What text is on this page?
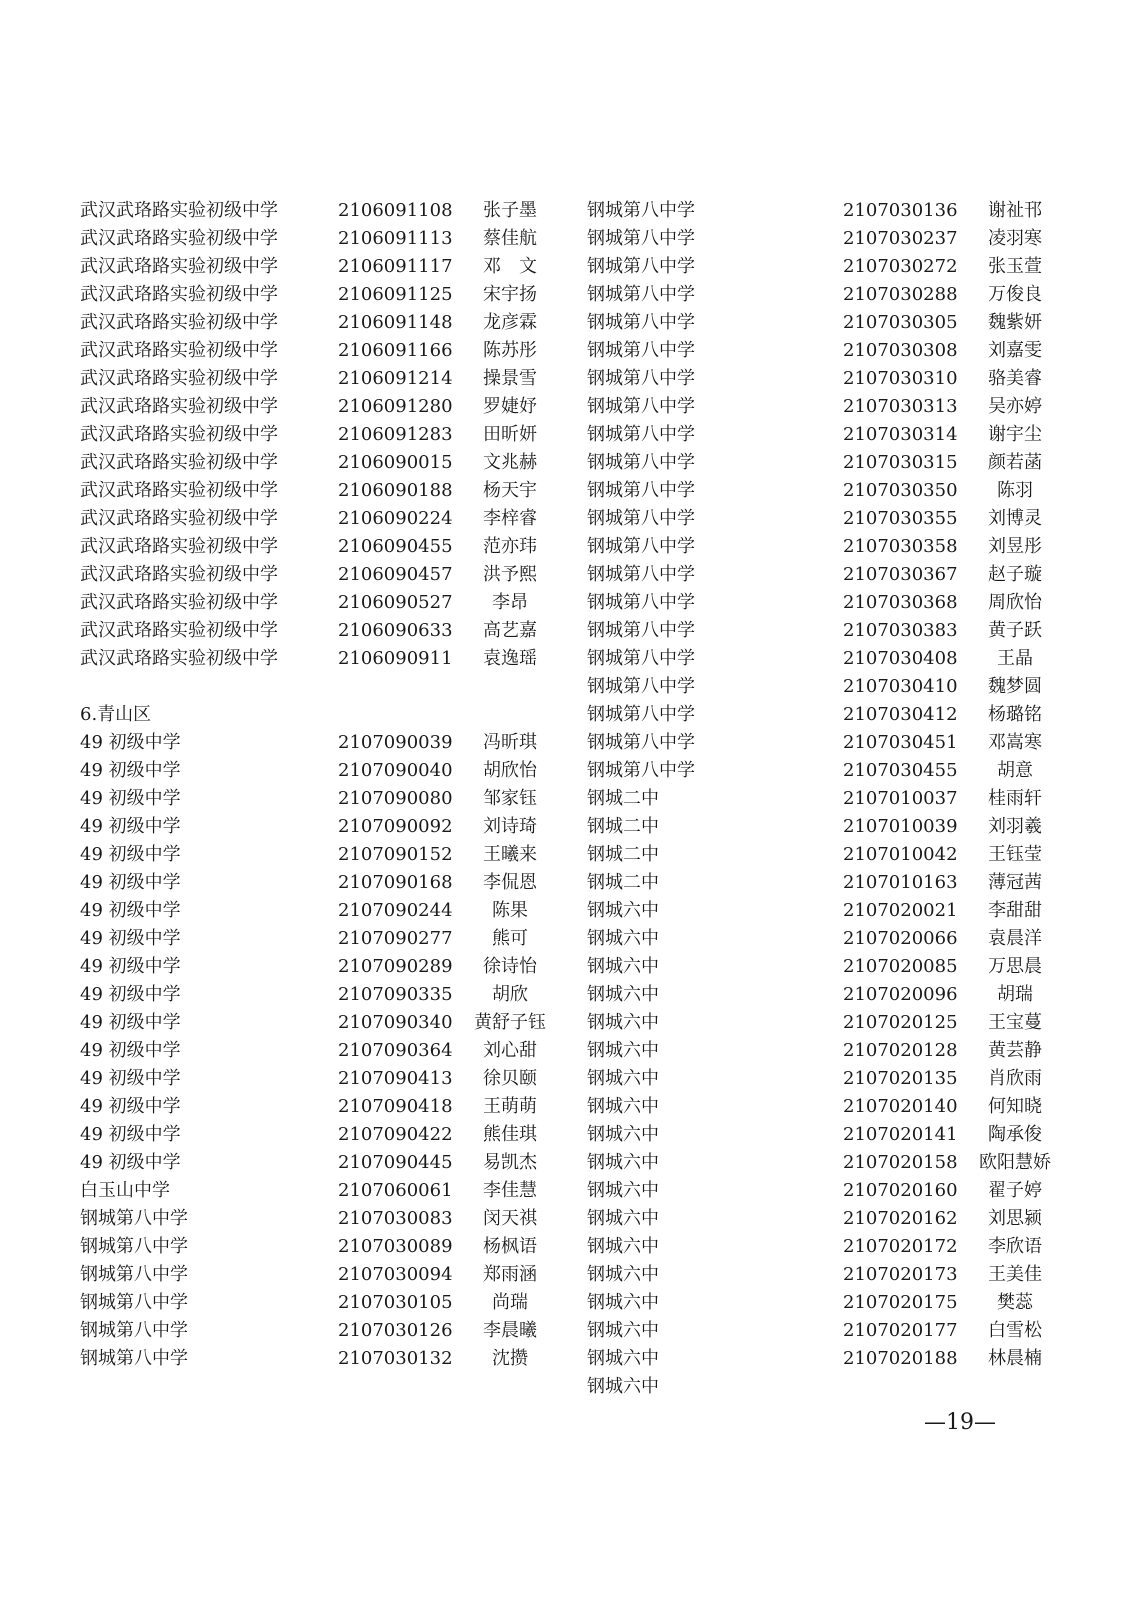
武汉武珞路实验初级中学
武汉武珞路实验初级中学
武汉武珞路实验初级中学
武汉武珞路实验初级中学
武汉武珞路实验初级中学
武汉武珞路实验初级中学
武汉武珞路实验初级中学
武汉武珞路实验初级中学
武汉武珞路实验初级中学
武汉武珞路实验初级中学
武汉武珞路实验初级中学
武汉武珞路实验初级中学
武汉武珞路实验初级中学
武汉武珞路实验初级中学
武汉武珞路实验初级中学
武汉武珞路实验初级中学
武汉武珞路实验初级中学
6.青山区
49 初级中学
49 初级中学
49 初级中学
49 初级中学
49 初级中学
49 初级中学
49 初级中学
49 初级中学
49 初级中学
49 初级中学
49 初级中学
49 初级中学
49 初级中学
49 初级中学
49 初级中学
49 初级中学
白玉山中学
钢城第八中学
钢城第八中学
钢城第八中学
钢城第八中学
钢城第八中学
钢城第八中学
2106091108
2106091113
2106091117
2106091125
2106091148
2106091166
2106091214
2106091280
2106091283
2106090015
2106090188
2106090224
2106090455
2106090457
2106090527
2106090633
2106090911
2107090039
2107090040
2107090080
2107090092
2107090152
2107090168
2107090244
2107090277
2107090289
2107090335
2107090340
2107090364
2107090413
2107090418
2107090422
2107090445
2107060061
2107030083
2107030089
2107030094
2107030105
2107030126
2107030132
张子墨
蔡佳航
邓　文
宋宇扬
龙彦霖
陈苏彤
操景雪
罗婕妤
田昕妍
文兆赫
杨天宇
李梓睿
范亦玮
洪予熙
李昂
高艺嘉
袁逸瑶
冯昕琪
胡欣怡
邹家钰
刘诗琦
王曦来
李侃恩
陈果
熊可
徐诗怡
胡欣
黄舒子钰
刘心甜
徐贝颐
王萌萌
熊佳琪
易凯杰
李佳慧
闵天祺
杨枫语
郑雨涵
尚瑞
李晨曦
沈攒
钢城第八中学
钢城第八中学
钢城第八中学
钢城第八中学
钢城第八中学
钢城第八中学
钢城第八中学
钢城第八中学
钢城第八中学
钢城第八中学
钢城第八中学
钢城第八中学
钢城第八中学
钢城第八中学
钢城第八中学
钢城第八中学
钢城第八中学
钢城第八中学
钢城第八中学
钢城第八中学
钢城第八中学
钢城二中
钢城二中
钢城二中
钢城二中
钢城六中
钢城六中
钢城六中
钢城六中
钢城六中
钢城六中
钢城六中
钢城六中
钢城六中
钢城六中
钢城六中
钢城六中
钢城六中
钢城六中
钢城六中
钢城六中
钢城六中
钢城六中
2107030136
2107030237
2107030272
2107030288
2107030305
2107030308
2107030310
2107030313
2107030314
2107030315
2107030350
2107030355
2107030358
2107030367
2107030368
2107030383
2107030408
2107030410
2107030412
2107030451
2107030455
2107010037
2107010039
2107010042
2107010163
2107020021
2107020066
2107020085
2107020096
2107020125
2107020128
2107020135
2107020140
2107020141
2107020158
2107020160
2107020162
2107020172
2107020173
2107020175
2107020177
2107020188
谢祉邗
凌羽寒
张玉萱
万俊良
魏紫妍
刘嘉雯
骆美睿
吴亦婷
谢宇尘
颜若菡
陈羽
刘博灵
刘昱彤
赵子璇
周欣怡
黄子跃
王晶
魏梦圆
杨璐铭
邓嵩寒
胡意
桂雨轩
刘羽羲
王钰莹
薄冠茜
李甜甜
袁晨洋
万思晨
胡瑞
王宝蔓
黄芸静
肖欣雨
何知晓
陶承俊
欧阳慧娇
翟子婷
刘思颍
李欣语
王美佳
樊蕊
白雪松
林晨楠
—19—
